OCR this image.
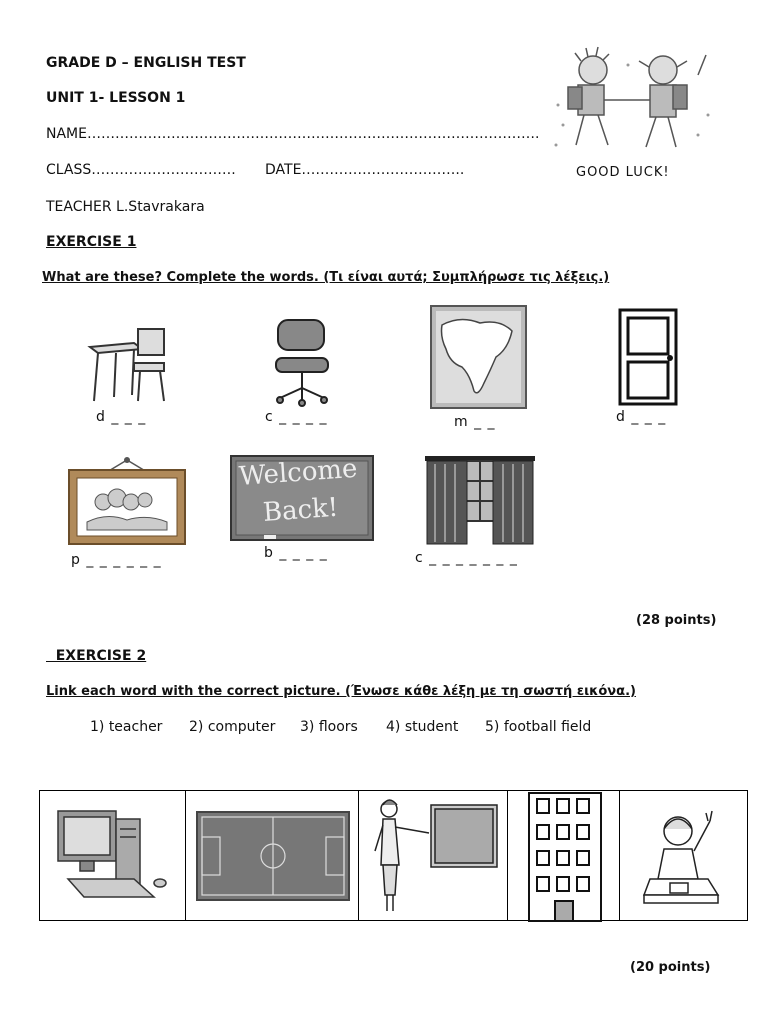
GRADE D – ENGLISH TEST
UNIT 1- LESSON 1
NAME…………………………………………………………………………………….
CLASS…………………………. DATE……………………………..
TEACHER L.Stavrakara
GOOD LUCK!
EXERCISE 1
What are these? Complete the words. (Τι είναι αυτά; Συμπλήρωσε τις λέξεις.)
d _ _ _	c _ _ _ _	m _ _	d _ _ _
p _ _ _ _ _ _
Welcome
Back!
b _ _ _ _	c _ _ _ _ _ _ _
(28 points)
EXERCISE 2
Link each word with the correct picture. (Ένωσε κάθε λέξη με τη σωστή εικόνα.)
1) teacher 2) computer 3) floors 4) student 5) football field
(20 points)
